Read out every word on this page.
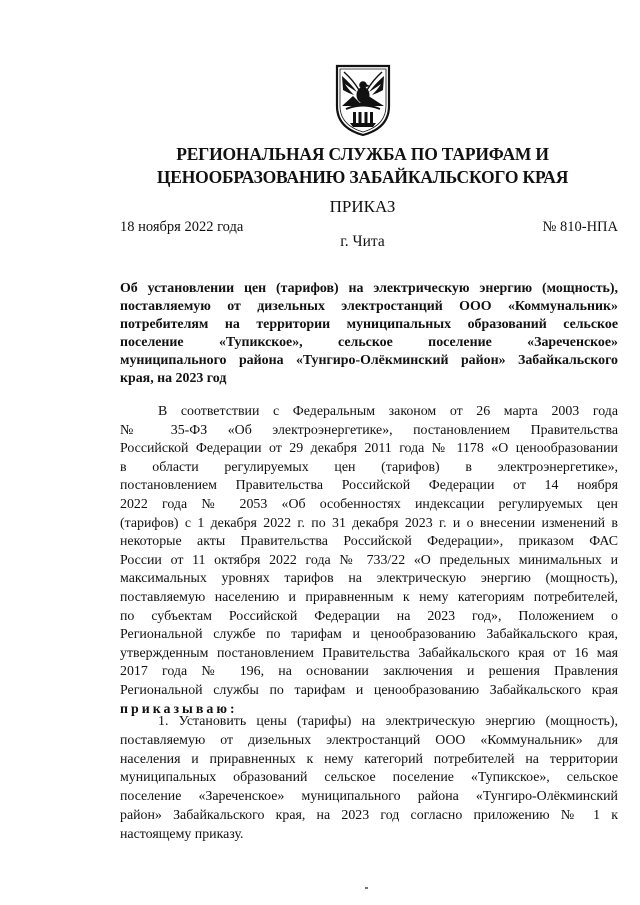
РЕГИОНАЛЬНАЯ СЛУЖБА ПО ТАРИФАМ И
ЦЕНООБРАЗОВАНИЮ ЗАБАЙКАЛЬСКОГО КРАЯ
ПРИКАЗ
18 ноября 2022 года	№ 810-НПА
г. Чита
Об установлении цен (тарифов) на электрическую энергию (мощность),
поставляемую от дизельных электростанций ООО «Коммунальник»
потребителям на территории муниципальных образований сельское
поселение «Тупикское», сельское поселение «Зареченское»
муниципального района «Тунгиро-Олёкминский район» Забайкальского
края, на 2023 год
В соответствии с Федеральным законом от 26 марта 2003 года
№ 35-ФЗ «Об электроэнергетике», постановлением Правительства
Российской Федерации от 29 декабря 2011 года № 1178 «О ценообразовании
в области регулируемых цен (тарифов) в электроэнергетике»,
постановлением Правительства Российской Федерации от 14 ноября
2022 года № 2053 «Об особенностях индексации регулируемых цен
(тарифов) с 1 декабря 2022 г. по 31 декабря 2023 г. и о внесении изменений в
некоторые акты Правительства Российской Федерации», приказом ФАС
России от 11 октября 2022 года № 733/22 «О предельных минимальных и
максимальных уровнях тарифов на электрическую энергию (мощность),
поставляемую населению и приравненным к нему категориям потребителей,
по субъектам Российской Федерации на 2023 год», Положением о
Региональной службе по тарифам и ценообразованию Забайкальского края,
утвержденным постановлением Правительства Забайкальского края от 16 мая
2017 года № 196, на основании заключения и решения Правления
Региональной службы по тарифам и ценообразованию Забайкальского края
приказываю:
1. Установить цены (тарифы) на электрическую энергию (мощность),
поставляемую от дизельных электростанций ООО «Коммунальник» для
населения и приравненных к нему категорий потребителей на территории
муниципальных образований сельское поселение «Тупикское», сельское
поселение «Зареченское» муниципального района «Тунгиро-Олёкминский
район» Забайкальского края, на 2023 год согласно приложению № 1 к
настоящему приказу.
